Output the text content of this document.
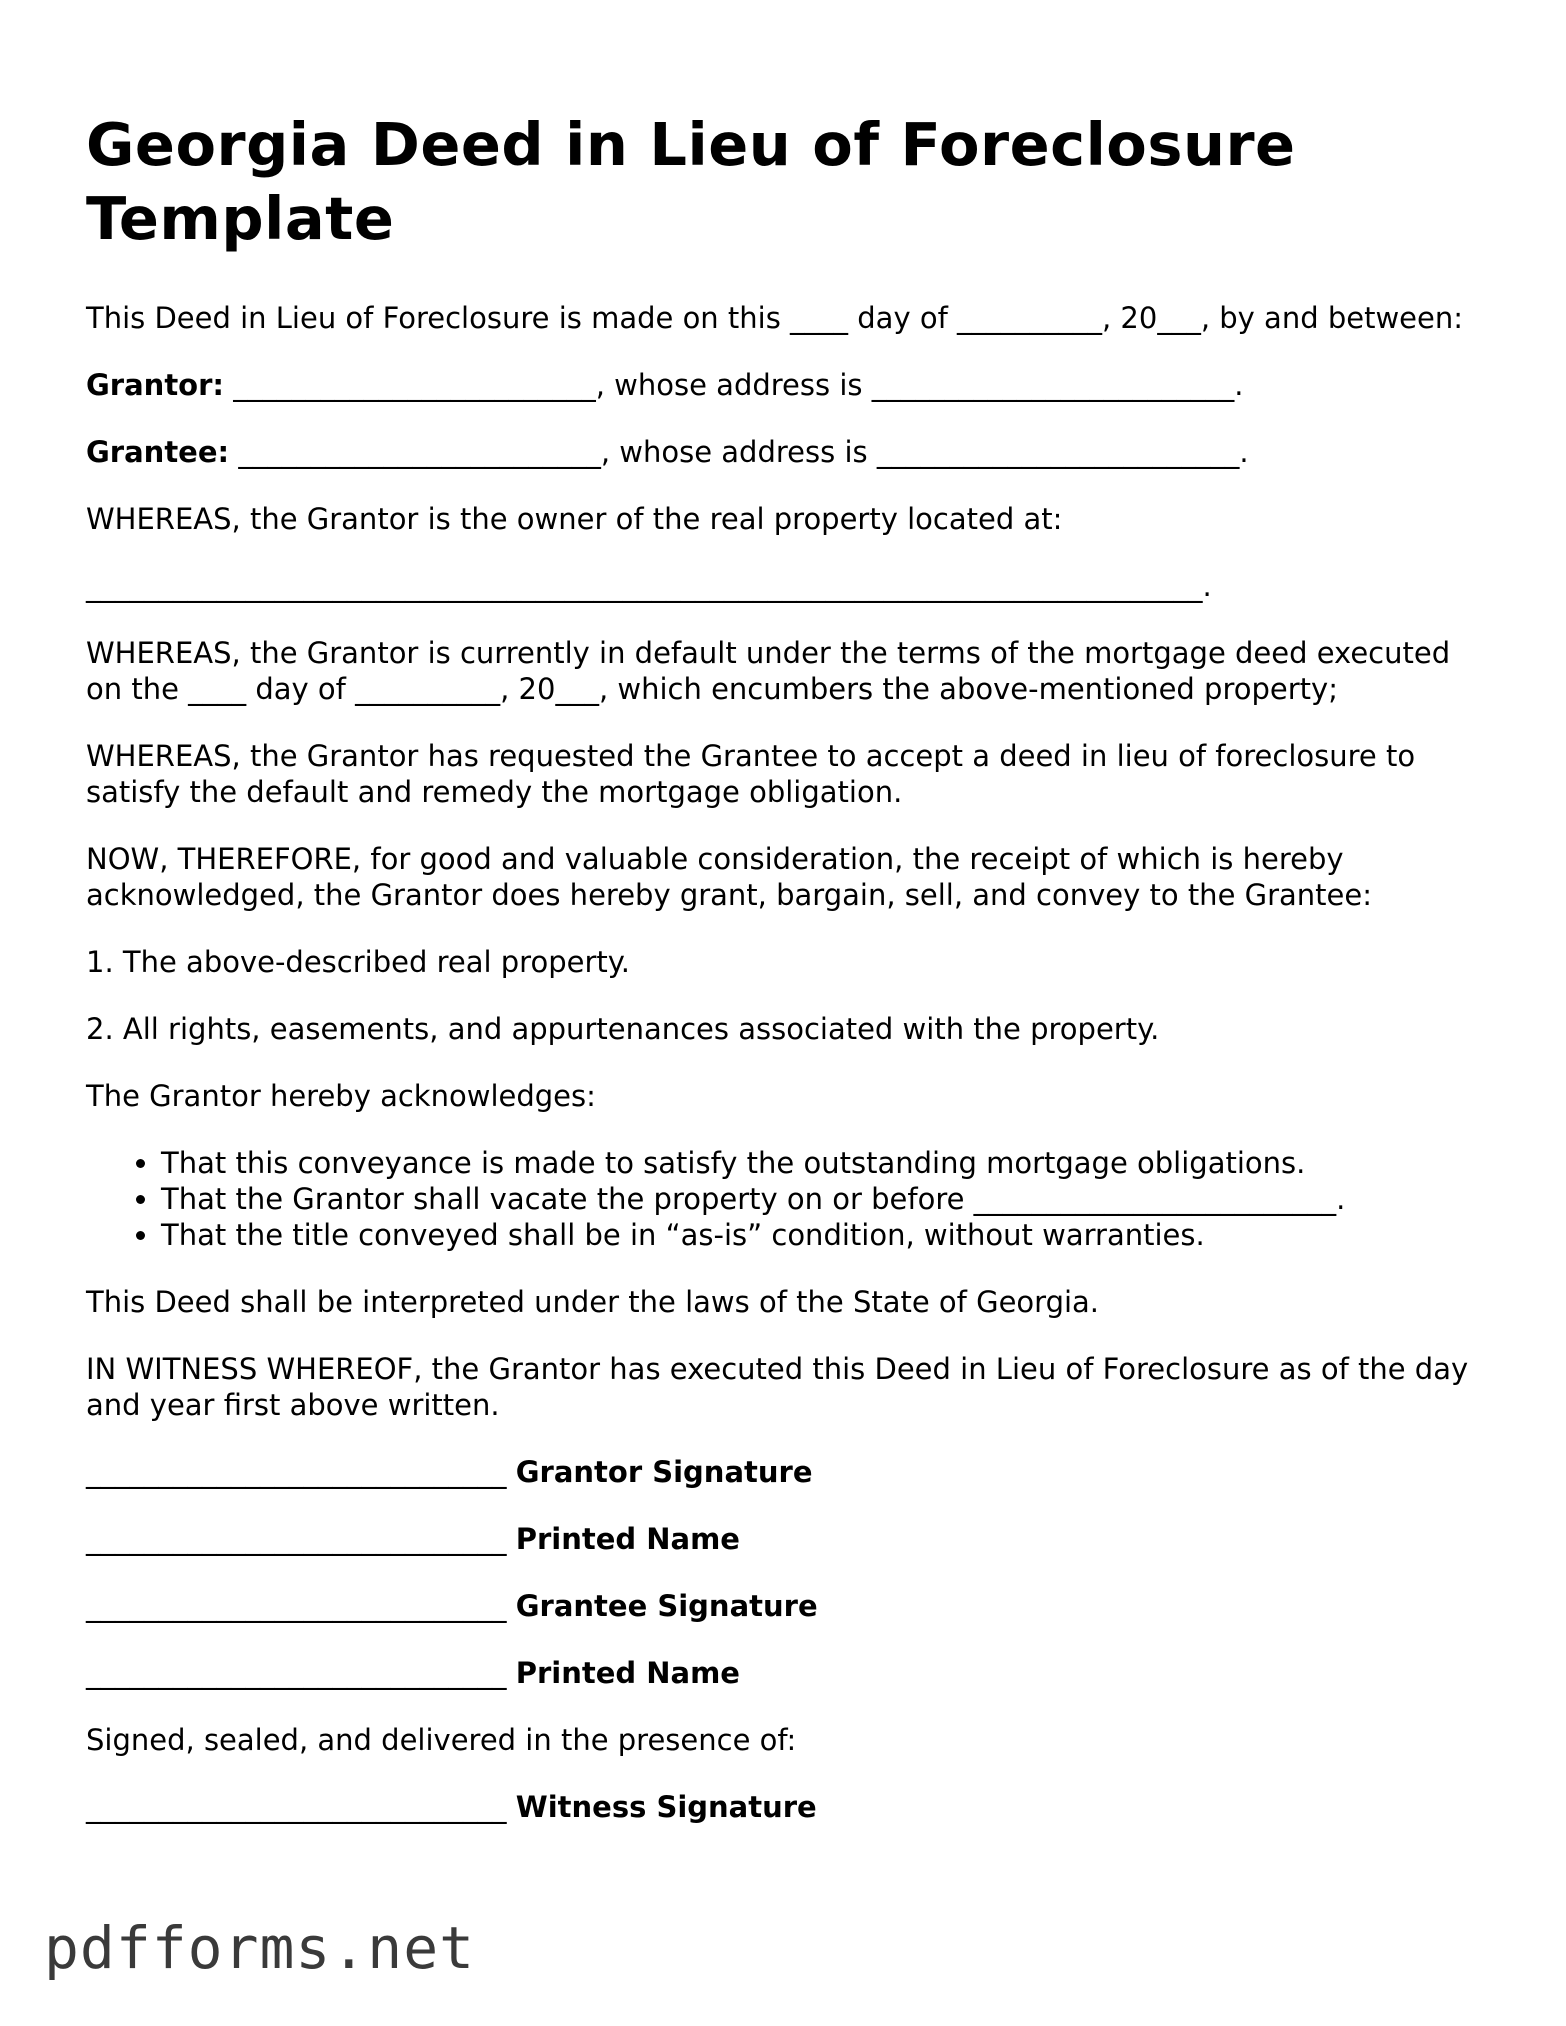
Georgia Deed in Lieu of Foreclosure Template

This Deed in Lieu of Foreclosure is made on this ____ day of __________, 20___, by and between:

Grantor: _________________________, whose address is _________________________.

Grantee: _________________________, whose address is _________________________.

WHEREAS, the Grantor is the owner of the real property located at:

_____________________________________________________________________________.

WHEREAS, the Grantor is currently in default under the terms of the mortgage deed executed on the ____ day of __________, 20___, which encumbers the above-mentioned property;

WHEREAS, the Grantor has requested the Grantee to accept a deed in lieu of foreclosure to satisfy the default and remedy the mortgage obligation.

NOW, THEREFORE, for good and valuable consideration, the receipt of which is hereby acknowledged, the Grantor does hereby grant, bargain, sell, and convey to the Grantee:

1. The above-described real property.

2. All rights, easements, and appurtenances associated with the property.

The Grantor hereby acknowledges:

• That this conveyance is made to satisfy the outstanding mortgage obligations.
• That the Grantor shall vacate the property on or before _________________________.
• That the title conveyed shall be in “as-is” condition, without warranties.

This Deed shall be interpreted under the laws of the State of Georgia.

IN WITNESS WHEREOF, the Grantor has executed this Deed in Lieu of Foreclosure as of the day and year first above written.

_____________________________ Grantor Signature
_____________________________ Printed Name
_____________________________ Grantee Signature
_____________________________ Printed Name

Signed, sealed, and delivered in the presence of:

_____________________________ Witness Signature
pdfforms.net
